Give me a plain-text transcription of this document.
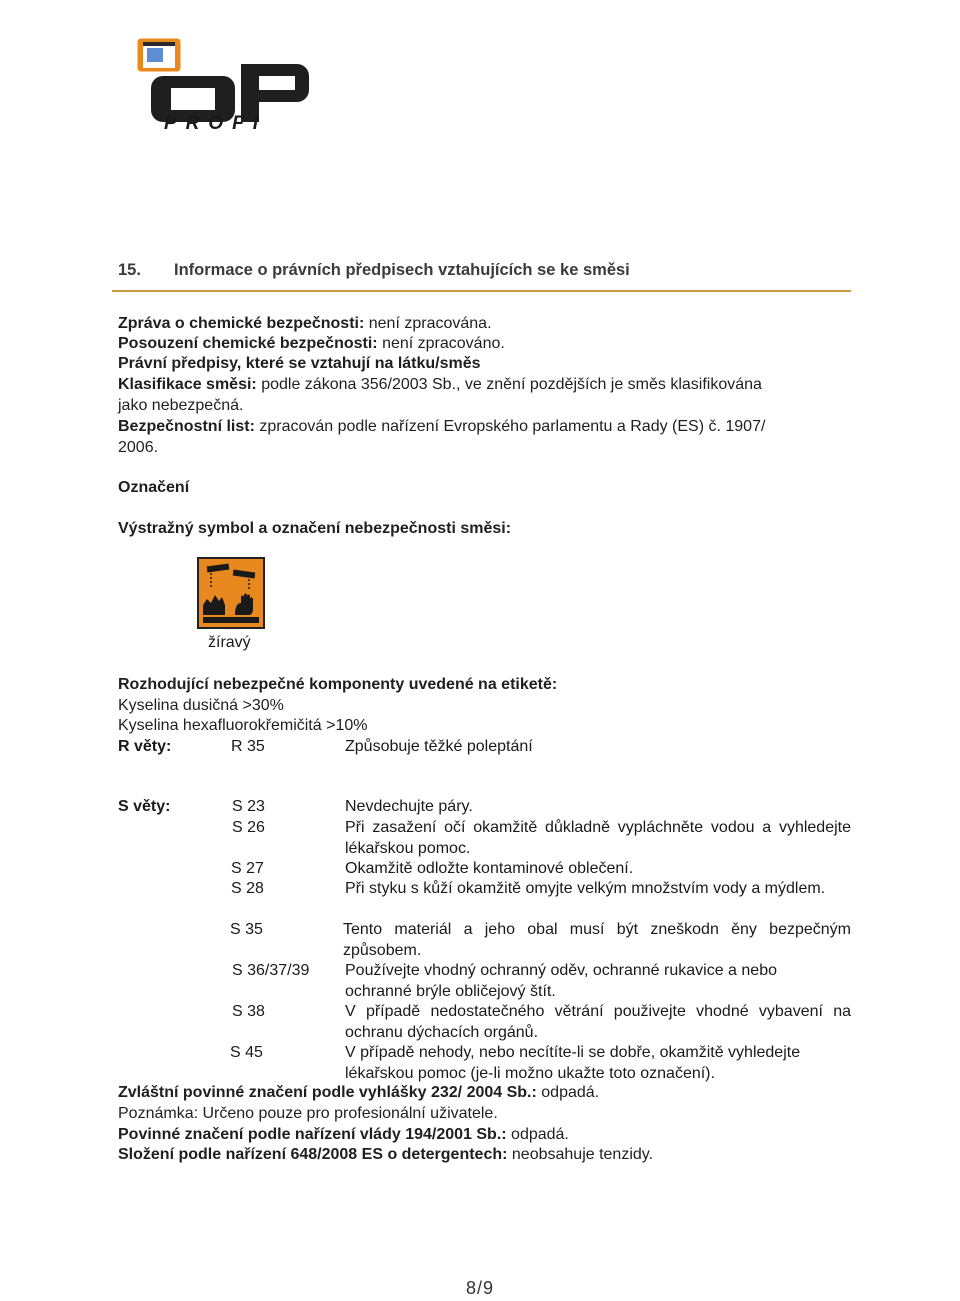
PROFI
15. Informace o právních předpisech vztahujících se ke směsi
Zpráva o chemické bezpečnosti: není zpracována.
Posouzení chemické bezpečnosti: není zpracováno.
Právní předpisy, které se vztahují na látku/směs
Klasifikace směsi: podle zákona 356/2003 Sb., ve znění pozdějších je směs klasifikována
jako nebezpečná.
Bezpečnostní list: zpracován podle nařízení Evropského parlamentu a Rady (ES) č. 1907/
2006.
Označení
Výstražný symbol a označení nebezpečnosti směsi:
žíravý
Rozhodující nebezpečné komponenty uvedené na etiketě:
Kyselina dusičná >30%
Kyselina hexafluorokřemičitá >10%
R věty:	R 35	Způsobuje těžké poleptání
S věty:	S 23	Nevdechujte páry.
S 26	Při zasažení očí okamžitě důkladně vypláchněte vodou a vyhledejte lékařskou pomoc.
S 27	Okamžitě odložte kontaminové oblečení.
S 28	Při styku s kůží okamžitě omyjte velkým množstvím vody a mýdlem.
S 35	Tento materiál a jeho obal musí být zneškodn ěny bezpečným způsobem.
S 36/37/39 Používejte vhodný ochranný oděv, ochranné rukavice a nebo ochranné brýle obličejový štít.
S 38	V případě nedostatečného větrání použivejte vhodné vybavení na ochranu dýchacích orgánů.
S 45	V případě nehody, nebo necítíte-li se dobře, okamžitě vyhledejte lékařskou pomoc (je-li možno ukažte toto označení).
Zvláštní povinné značení podle vyhlášky 232/ 2004 Sb.: odpadá.
Poznámka: Určeno pouze pro profesionální uživatele.
Povinné značení podle nařízení vlády 194/2001 Sb.: odpadá.
Složení podle nařízení 648/2008 ES o detergentech: neobsahuje tenzidy.
8/9
